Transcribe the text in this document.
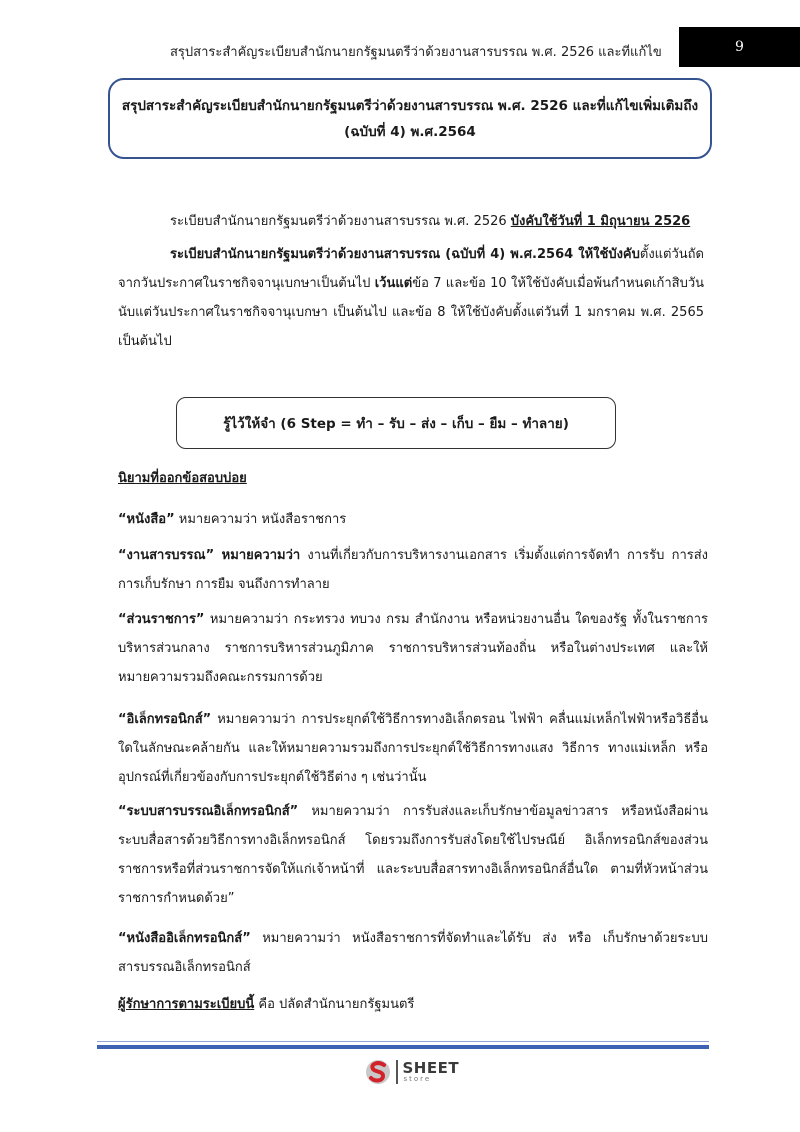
สรุปสาระสำคัญระเบียบสำนักนายกรัฐมนตรีว่าด้วยงานสารบรรณ พ.ศ. 2526 และที่แก้ไข	9
สรุปสาระสำคัญระเบียบสำนักนายกรัฐมนตรีว่าด้วยงานสารบรรณ พ.ศ. 2526 และที่แก้ไขเพิ่มเติมถึง
(ฉบับที่ 4) พ.ศ.2564
ระเบียบสำนักนายกรัฐมนตรีว่าด้วยงานสารบรรณ พ.ศ. 2526 บังคับใช้วันที่ 1 มิถุนายน 2526
ระเบียบสำนักนายกรัฐมนตรีว่าด้วยงานสารบรรณ (ฉบับที่ 4) พ.ศ.2564 ให้ใช้บังคับตั้งแต่วันถัดจากวันประกาศในราชกิจจานุเบกษาเป็นต้นไป เว้นแต่ข้อ 7 และข้อ 10 ให้ใช้บังคับเมื่อพ้นกำหนดเก้าสิบวันนับแต่วันประกาศในราชกิจจานุเบกษา เป็นต้นไป และข้อ 8 ให้ใช้บังคับตั้งแต่วันที่ 1 มกราคม พ.ศ. 2565 เป็นต้นไป
รู้ไว้ให้จำ (6 Step = ทำ – รับ – ส่ง – เก็บ – ยืม – ทำลาย)
นิยามที่ออกข้อสอบบ่อย
“หนังสือ” หมายความว่า หนังสือราชการ
“งานสารบรรณ” หมายความว่า งานที่เกี่ยวกับการบริหารงานเอกสาร เริ่มตั้งแต่การจัดทำ การรับ การส่ง การเก็บรักษา การยืม จนถึงการทำลาย
“ส่วนราชการ” หมายความว่า กระทรวง ทบวง กรม สำนักงาน หรือหน่วยงานอื่น ใดของรัฐ ทั้งในราชการบริหารส่วนกลาง ราชการบริหารส่วนภูมิภาค ราชการบริหารส่วนท้องถิ่น หรือในต่างประเทศ และให้หมายความรวมถึงคณะกรรมการด้วย
“อิเล็กทรอนิกส์” หมายความว่า การประยุกต์ใช้วิธีการทางอิเล็กตรอน ไฟฟ้า คลื่นแม่เหล็กไฟฟ้าหรือวิธีอื่นใดในลักษณะคล้ายกัน และให้หมายความรวมถึงการประยุกต์ใช้วิธีการทางแสง วิธีการ ทางแม่เหล็ก หรืออุปกรณ์ที่เกี่ยวข้องกับการประยุกต์ใช้วิธีต่าง ๆ เช่นว่านั้น
“ระบบสารบรรณอิเล็กทรอนิกส์” หมายความว่า การรับส่งและเก็บรักษาข้อมูลข่าวสาร หรือหนังสือผ่านระบบสื่อสารด้วยวิธีการทางอิเล็กทรอนิกส์ โดยรวมถึงการรับส่งโดยใช้ไปรษณีย์ อิเล็กทรอนิกส์ของส่วนราชการหรือที่ส่วนราชการจัดให้แก่เจ้าหน้าที่ และระบบสื่อสารทางอิเล็กทรอนิกส์อื่นใด ตามที่หัวหน้าส่วนราชการกำหนดด้วย”
“หนังสืออิเล็กทรอนิกส์” หมายความว่า หนังสือราชการที่จัดทำและได้รับ ส่ง หรือ เก็บรักษาด้วยระบบสารบรรณอิเล็กทรอนิกส์
ผู้รักษาการตามระเบียบนี้ คือ ปลัดสำนักนายกรัฐมนตรี
SHEET
store
